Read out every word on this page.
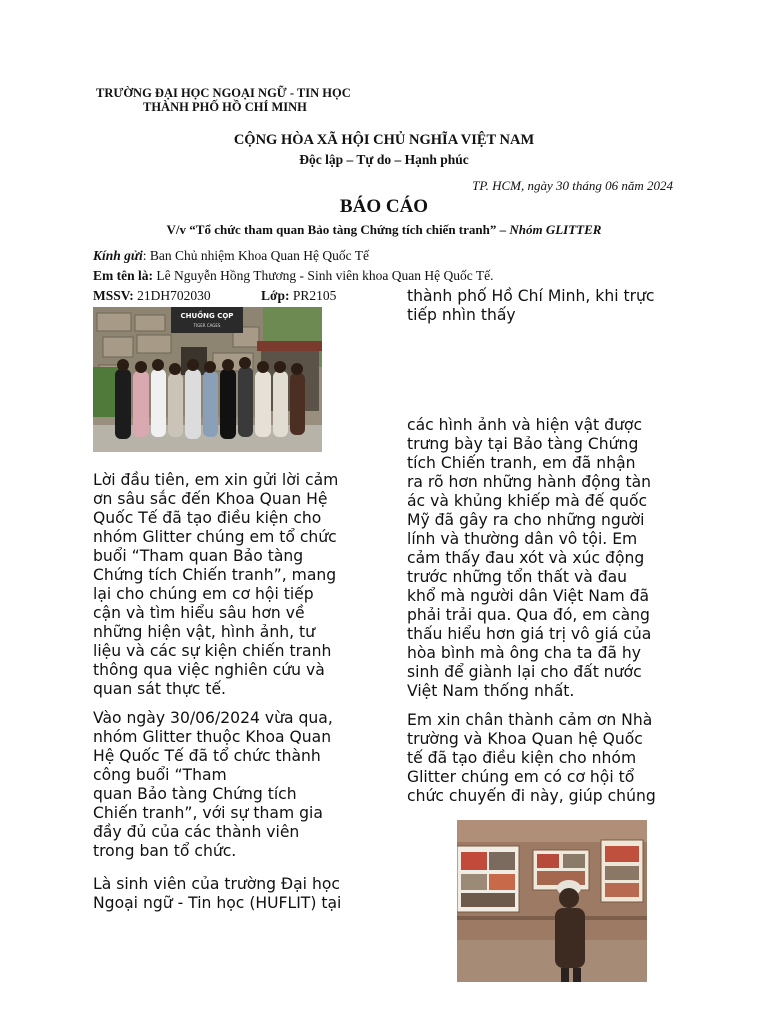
TRƯỜNG ĐẠI HỌC NGOẠI NGỮ - TIN HỌC
THÀNH PHỐ HỒ CHÍ MINH
CỘNG HÒA XÃ HỘI CHỦ NGHĨA VIỆT NAM
Độc lập – Tự do – Hạnh phúc
TP. HCM, ngày 30 tháng 06 năm 2024
BÁO CÁO
V/v “Tổ chức tham quan Bảo tàng Chứng tích chiến tranh” – Nhóm GLITTER
Kính gửi: Ban Chủ nhiệm Khoa Quan Hệ Quốc Tế
Em tên là: Lê Nguyễn Hồng Thương - Sinh viên khoa Quan Hệ Quốc Tế.
MSSV: 21DH702030	Lớp: PR2105
CHUỒNG CỌP
TIGER CAGES
Lời đầu tiên, em xin gửi lời cảm
ơn sâu sắc đến Khoa Quan Hệ
Quốc Tế đã tạo điều kiện cho
nhóm Glitter chúng em tổ chức
buổi “Tham quan Bảo tàng
Chứng tích Chiến tranh”, mang
lại cho chúng em cơ hội tiếp
cận và tìm hiểu sâu hơn về
những hiện vật, hình ảnh, tư
liệu và các sự kiện chiến tranh
thông qua việc nghiên cứu và
quan sát thực tế.
Vào ngày 30/06/2024 vừa qua,
nhóm Glitter thuộc Khoa Quan
Hệ Quốc Tế đã tổ chức thành
công buổi “Tham
quan Bảo tàng Chứng tích
Chiến tranh”, với sự tham gia
đầy đủ của các thành viên
trong ban tổ chức.
Là sinh viên của trường Đại học
Ngoại ngữ - Tin học (HUFLIT) tại
thành phố Hồ Chí Minh, khi trực
tiếp nhìn thấy
các hình ảnh và hiện vật được
trưng bày tại Bảo tàng Chứng
tích Chiến tranh, em đã nhận
ra rõ hơn những hành động tàn
ác và khủng khiếp mà đế quốc
Mỹ đã gây ra cho những người
lính và thường dân vô tội. Em
cảm thấy đau xót và xúc động
trước những tổn thất và đau
khổ mà người dân Việt Nam đã
phải trải qua. Qua đó, em càng
thấu hiểu hơn giá trị vô giá của
hòa bình mà ông cha ta đã hy
sinh để giành lại cho đất nước
Việt Nam thống nhất.
Em xin chân thành cảm ơn Nhà
trường và Khoa Quan hệ Quốc
tế đã tạo điều kiện cho nhóm
Glitter chúng em có cơ hội tổ
chức chuyến đi này, giúp chúng
